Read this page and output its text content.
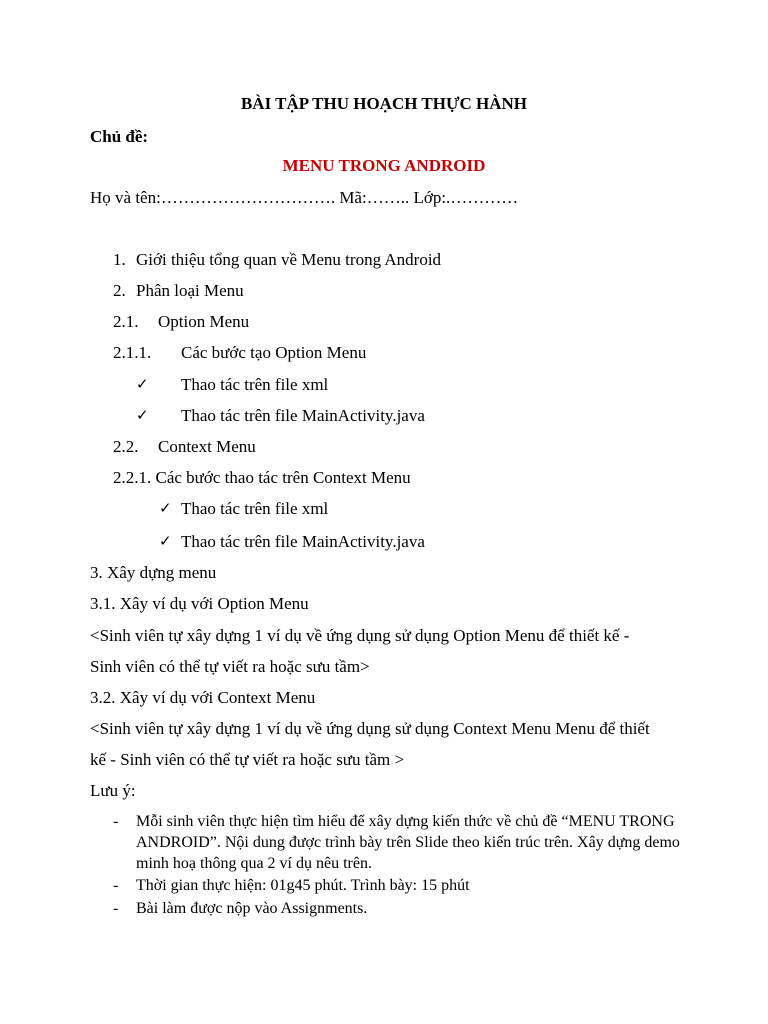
BÀI TẬP THU HOẠCH THỰC HÀNH
Chủ đề:
MENU TRONG ANDROID
Họ và tên:…………………………. Mã:…….. Lớp:.…………
1. Giới thiệu tổng quan về Menu trong Android
2. Phân loại Menu
2.1. Option Menu
2.1.1. Các bước tạo Option Menu
✓ Thao tác trên file xml
✓ Thao tác trên file MainActivity.java
2.2. Context Menu
2.2.1. Các bước thao tác trên Context Menu
✓ Thao tác trên file xml
✓ Thao tác trên file MainActivity.java
3. Xây dựng menu
3.1. Xây ví dụ với Option Menu
<Sinh viên tự xây dựng 1 ví dụ về ứng dụng sử dụng Option Menu để thiết kế -
Sinh viên có thể tự viết ra hoặc sưu tầm>
3.2. Xây ví dụ với Context Menu
<Sinh viên tự xây dựng 1 ví dụ về ứng dụng sử dụng Context Menu Menu để thiết
kế - Sinh viên có thể tự viết ra hoặc sưu tầm >
Lưu ý:
- Mỗi sinh viên thực hiện tìm hiểu để xây dựng kiến thức về chủ đề “MENU TRONG ANDROID”. Nội dung được trình bày trên Slide theo kiến trúc trên. Xây dựng demo minh hoạ thông qua 2 ví dụ nêu trên.
- Thời gian thực hiện: 01g45 phút. Trình bày: 15 phút
- Bài làm được nộp vào Assignments.
